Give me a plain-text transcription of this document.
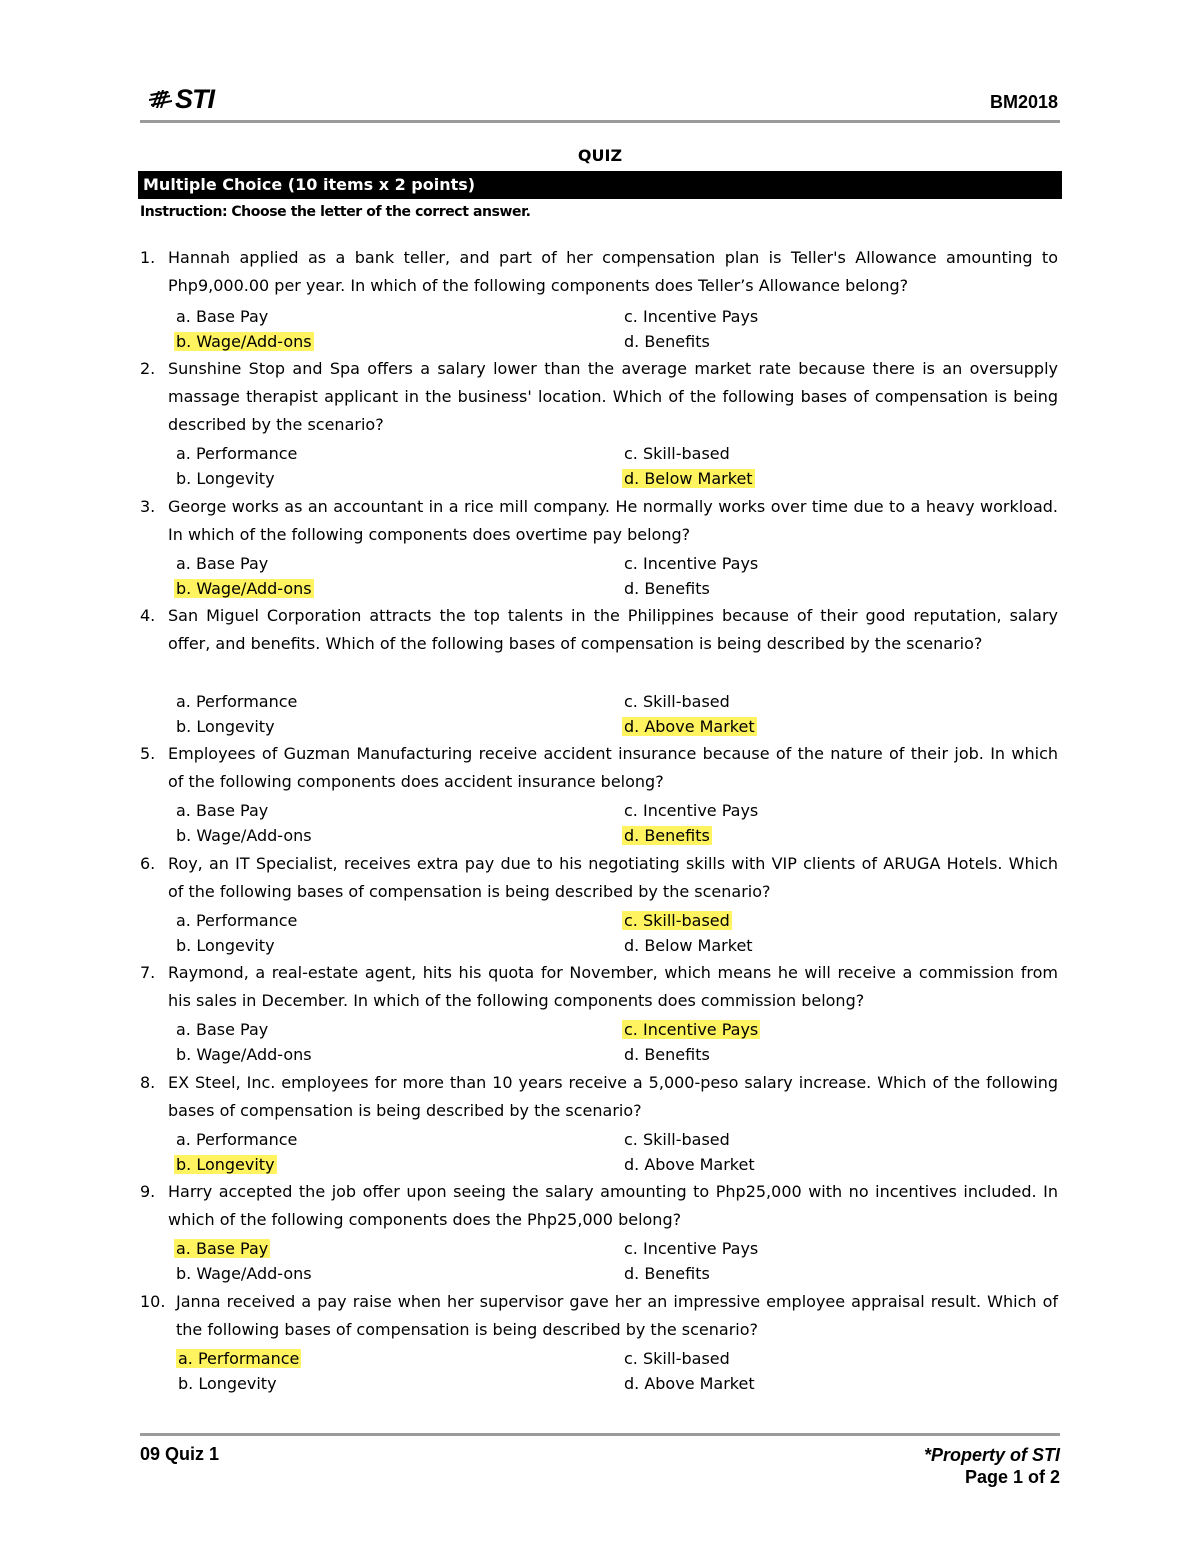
STI	BM2018
QUIZ
Multiple Choice (10 items x 2 points)
Instruction: Choose the letter of the correct answer.
1. Hannah applied as a bank teller, and part of her compensation plan is Teller's Allowance amounting to Php9,000.00 per year. In which of the following components does Teller’s Allowance belong?
a. Base Pay
b. Wage/Add-ons
c. Incentive Pays
d. Benefits
2. Sunshine Stop and Spa offers a salary lower than the average market rate because there is an oversupply massage therapist applicant in the business' location. Which of the following bases of compensation is being described by the scenario?
a. Performance
b. Longevity
c. Skill-based
d. Below Market
3. George works as an accountant in a rice mill company. He normally works over time due to a heavy workload. In which of the following components does overtime pay belong?
a. Base Pay
b. Wage/Add-ons
c. Incentive Pays
d. Benefits
4. San Miguel Corporation attracts the top talents in the Philippines because of their good reputation, salary offer, and benefits. Which of the following bases of compensation is being described by the scenario?
a. Performance
b. Longevity
c. Skill-based
d. Above Market
5. Employees of Guzman Manufacturing receive accident insurance because of the nature of their job. In which of the following components does accident insurance belong?
a. Base Pay
b. Wage/Add-ons
c. Incentive Pays
d. Benefits
6. Roy, an IT Specialist, receives extra pay due to his negotiating skills with VIP clients of ARUGA Hotels. Which of the following bases of compensation is being described by the scenario?
a. Performance
b. Longevity
c. Skill-based
d. Below Market
7. Raymond, a real-estate agent, hits his quota for November, which means he will receive a commission from his sales in December. In which of the following components does commission belong?
a. Base Pay
b. Wage/Add-ons
c. Incentive Pays
d. Benefits
8. EX Steel, Inc. employees for more than 10 years receive a 5,000-peso salary increase. Which of the following bases of compensation is being described by the scenario?
a. Performance
b. Longevity
c. Skill-based
d. Above Market
9. Harry accepted the job offer upon seeing the salary amounting to Php25,000 with no incentives included. In which of the following components does the Php25,000 belong?
a. Base Pay
b. Wage/Add-ons
c. Incentive Pays
d. Benefits
10. Janna received a pay raise when her supervisor gave her an impressive employee appraisal result. Which of the following bases of compensation is being described by the scenario?
a. Performance
b. Longevity
c. Skill-based
d. Above Market
09 Quiz 1	*Property of STI
Page 1 of 2
